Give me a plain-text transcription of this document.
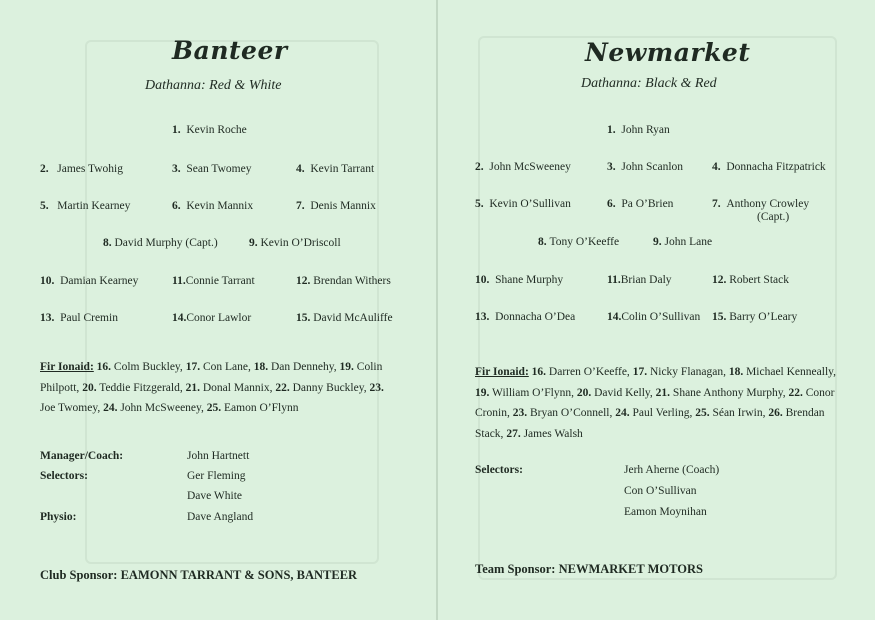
Banteer
Dathanna: Red & White
1. Kevin Roche
2. James Twohig	3. Sean Twomey	4. Kevin Tarrant
5. Martin Kearney	6. Kevin Mannix	7. Denis Mannix
8. David Murphy (Capt.)	9. Kevin O’Driscoll
10. Damian Kearney	11.Connie Tarrant	12. Brendan Withers
13. Paul Cremin	14.Conor Lawlor	15. David McAuliffe
Fir Ionaid: 16. Colm Buckley, 17. Con Lane, 18. Dan Dennehy, 19. Colin Philpott, 20. Teddie Fitzgerald, 21. Donal Mannix, 22. Danny Buckley, 23. Joe Twomey, 24. John McSweeney, 25. Eamon O’Flynn
Manager/Coach:	John Hartnett
Selectors:	Ger Fleming
Dave White
Physio:	Dave Angland
Club Sponsor: EAMONN TARRANT & SONS, BANTEER
Newmarket
Dathanna: Black & Red
1. John Ryan
2. John McSweeney	3. John Scanlon	4. Donnacha Fitzpatrick
5. Kevin O’Sullivan	6. Pa O’Brien	7. Anthony Crowley
(Capt.)
8. Tony O’Keeffe	9. John Lane
10. Shane Murphy	11.Brian Daly	12. Robert Stack
13. Donnacha O’Dea	14.Colin O’Sullivan 15. Barry O’Leary
Fir Ionaid: 16. Darren O’Keeffe, 17. Nicky Flanagan, 18. Michael Kenneally, 19. William O’Flynn, 20. David Kelly, 21. Shane Anthony Murphy, 22. Conor Cronin, 23. Bryan O’Connell, 24. Paul Verling, 25. Séan Irwin, 26. Brendan Stack, 27. James Walsh
Selectors:	Jerh Aherne (Coach)
Con O’Sullivan
Eamon Moynihan
Team Sponsor: NEWMARKET MOTORS
